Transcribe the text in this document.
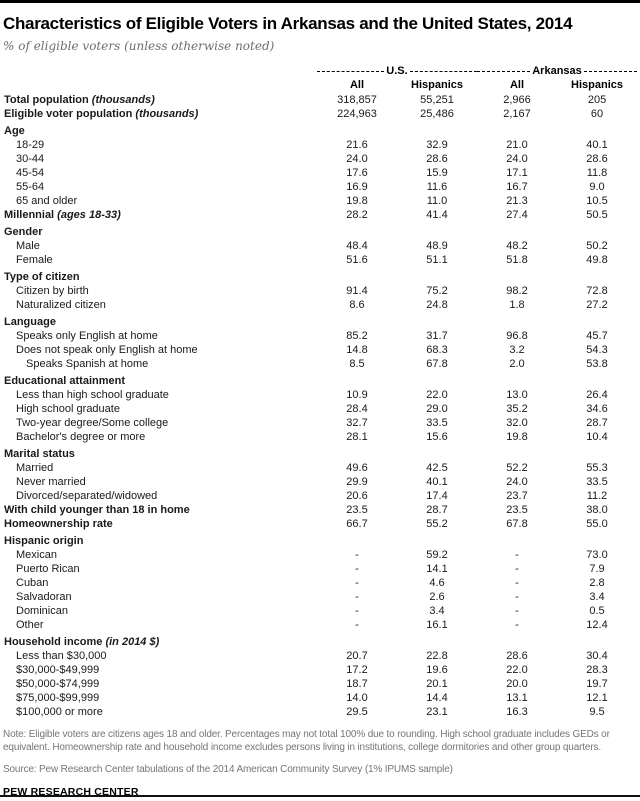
Characteristics of Eligible Voters in Arkansas and the United States, 2014
% of eligible voters (unless otherwise noted)

	U.S.		Arkansas	

	All	Hispanics	All	Hispanics
Total population (thousands)	318,857	55,251	2,966	205
Eligible voter population (thousands)	224,963	25,486	2,167	60
Age				
18-29	21.6	32.9	21.0	40.1
30-44	24.0	28.6	24.0	28.6
45-54	17.6	15.9	17.1	11.8
55-64	16.9	11.6	16.7	9.0
65 and older	19.8	11.0	21.3	10.5
Millennial (ages 18-33)	28.2	41.4	27.4	50.5
Gender				
Male	48.4	48.9	48.2	50.2
Female	51.6	51.1	51.8	49.8
Type of citizen				
Citizen by birth	91.4	75.2	98.2	72.8
Naturalized citizen	8.6	24.8	1.8	27.2
Language				
Speaks only English at home	85.2	31.7	96.8	45.7
Does not speak only English at home	14.8	68.3	3.2	54.3
Speaks Spanish at home	8.5	67.8	2.0	53.8
Educational attainment				
Less than high school graduate	10.9	22.0	13.0	26.4
High school graduate	28.4	29.0	35.2	34.6
Two-year degree/Some college	32.7	33.5	32.0	28.7
Bachelor's degree or more	28.1	15.6	19.8	10.4
Marital status				
Married	49.6	42.5	52.2	55.3
Never married	29.9	40.1	24.0	33.5
Divorced/separated/widowed	20.6	17.4	23.7	11.2
With child younger than 18 in home	23.5	28.7	23.5	38.0
Homeownership rate	66.7	55.2	67.8	55.0
Hispanic origin				
Mexican	-	59.2	-	73.0
Puerto Rican	-	14.1	-	7.9
Cuban	-	4.6	-	2.8
Salvadoran	-	2.6	-	3.4
Dominican	-	3.4	-	0.5
Other	-	16.1	-	12.4
Household income (in 2014 $)				
Less than $30,000	20.7	22.8	28.6	30.4
$30,000-$49,999	17.2	19.6	22.0	28.3
$50,000-$74,999	18.7	20.1	20.0	19.7
$75,000-$99,999	14.0	14.4	13.1	12.1
$100,000 or more	29.5	23.1	16.3	9.5
Note: Eligible voters are citizens ages 18 and older. Percentages may not total 100% due to rounding. High school graduate includes GEDs or equivalent. Homeownership rate and household income excludes persons living in institutions, college dormitories and other group quarters.
Source: Pew Research Center tabulations of the 2014 American Community Survey (1% IPUMS sample)
PEW RESEARCH CENTER
